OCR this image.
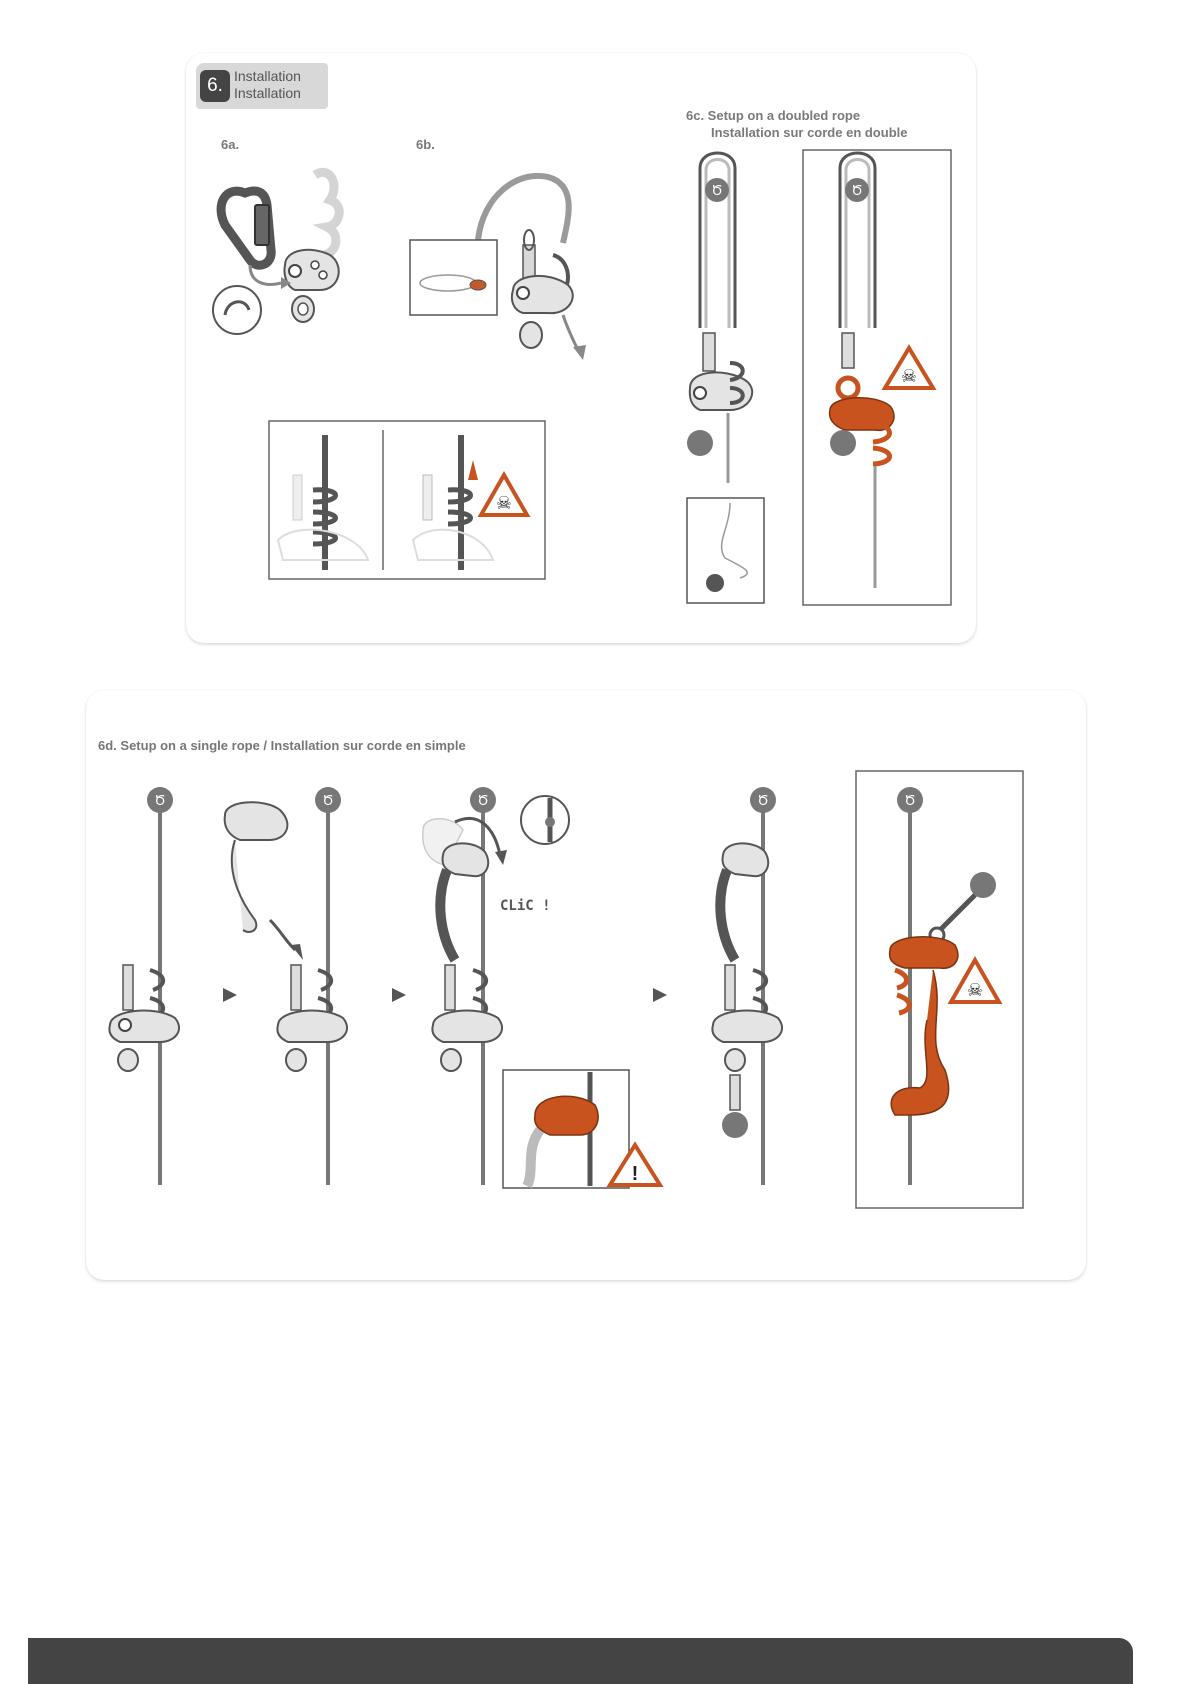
6. Installation
Installation
6a.	6b.
6c. Setup on a doubled rope
Installation sur corde en double
☠
Ծ	Ծ
☠
6d. Setup on a single rope / Installation sur corde en simple
Ծ	Ծ	Ծ
CLiC !
!
Ծ	Ծ
☠
